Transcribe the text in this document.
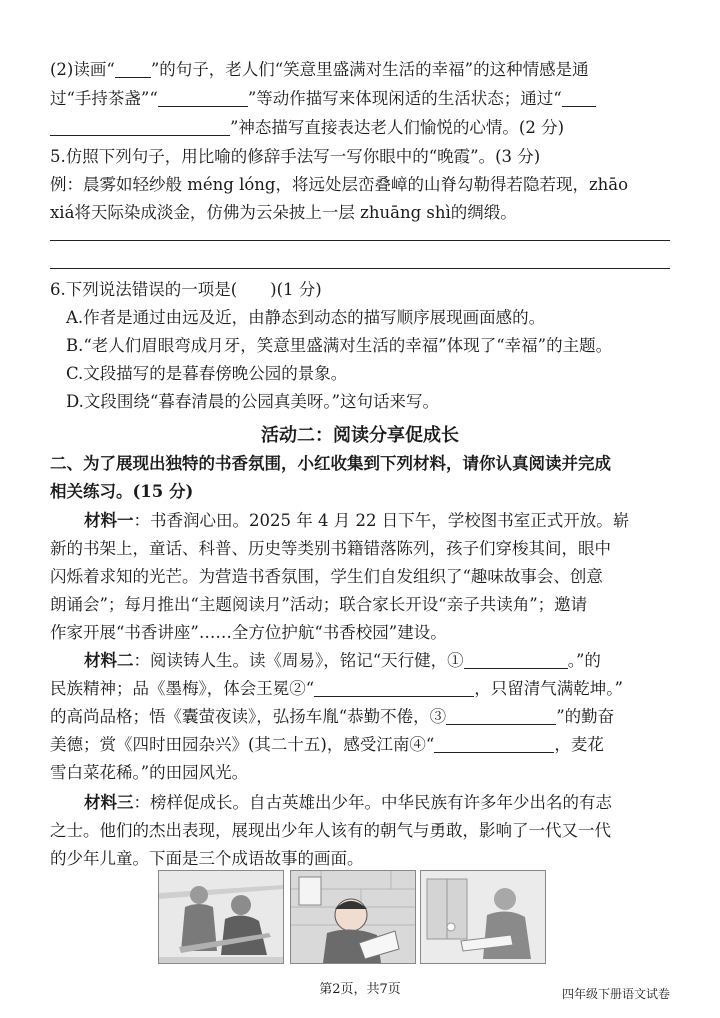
(2)读画“ ”的句子，老人们“笑意里盛满对生活的幸福”的这种情感是通
过“手持茶盏”“	”等动作描写来体现闲适的生活状态；通过“
”神态描写直接表达老人们愉悦的心情。(2 分)
5.仿照下列句子，用比喻的修辞手法写一写你眼中的“晚霞”。(3 分)
例：晨雾如轻纱般 méng lóng，将远处层峦叠嶂的山脊勾勒得若隐若现，zhāo
xiá将天际染成淡金，仿佛为云朵披上一层 zhuāng shì的绸缎。
6.下列说法错误的一项是(　　)(1 分)
A.作者是通过由远及近，由静态到动态的描写顺序展现画面感的。
B.“老人们眉眼弯成月牙，笑意里盛满对生活的幸福”体现了“幸福”的主题。
C.文段描写的是暮春傍晚公园的景象。
D.文段围绕“暮春清晨的公园真美呀。”这句话来写。
活动二：阅读分享促成长
二、为了展现出独特的书香氛围，小红收集到下列材料，请你认真阅读并完成
相关练习。(15 分)
材料一：书香润心田。2025 年 4 月 22 日下午，学校图书室正式开放。崭
新的书架上，童话、科普、历史等类别书籍错落陈列，孩子们穿梭其间，眼中
闪烁着求知的光芒。为营造书香氛围，学生们自发组织了“趣味故事会、创意
朗诵会”；每月推出“主题阅读月”活动；联合家长开设“亲子共读角”；邀请
作家开展“书香讲座”……全方位护航“书香校园”建设。
材料二：阅读铸人生。读《周易》，铭记“天行健，①	。”的
民族精神；品《墨梅》，体会王冕②“	，只留清气满乾坤。”
的高尚品格；悟《囊萤夜读》，弘扬车胤“恭勤不倦，③	”的勤奋
美德；赏《四时田园杂兴》(其二十五)，感受江南④“	，麦花
雪白菜花稀。”的田园风光。
材料三：榜样促成长。自古英雄出少年。中华民族有许多年少出名的有志
之士。他们的杰出表现，展现出少年人该有的朝气与勇敢，影响了一代又一代
的少年儿童。下面是三个成语故事的画面。
第2页，共7页	四年级下册语文试卷
